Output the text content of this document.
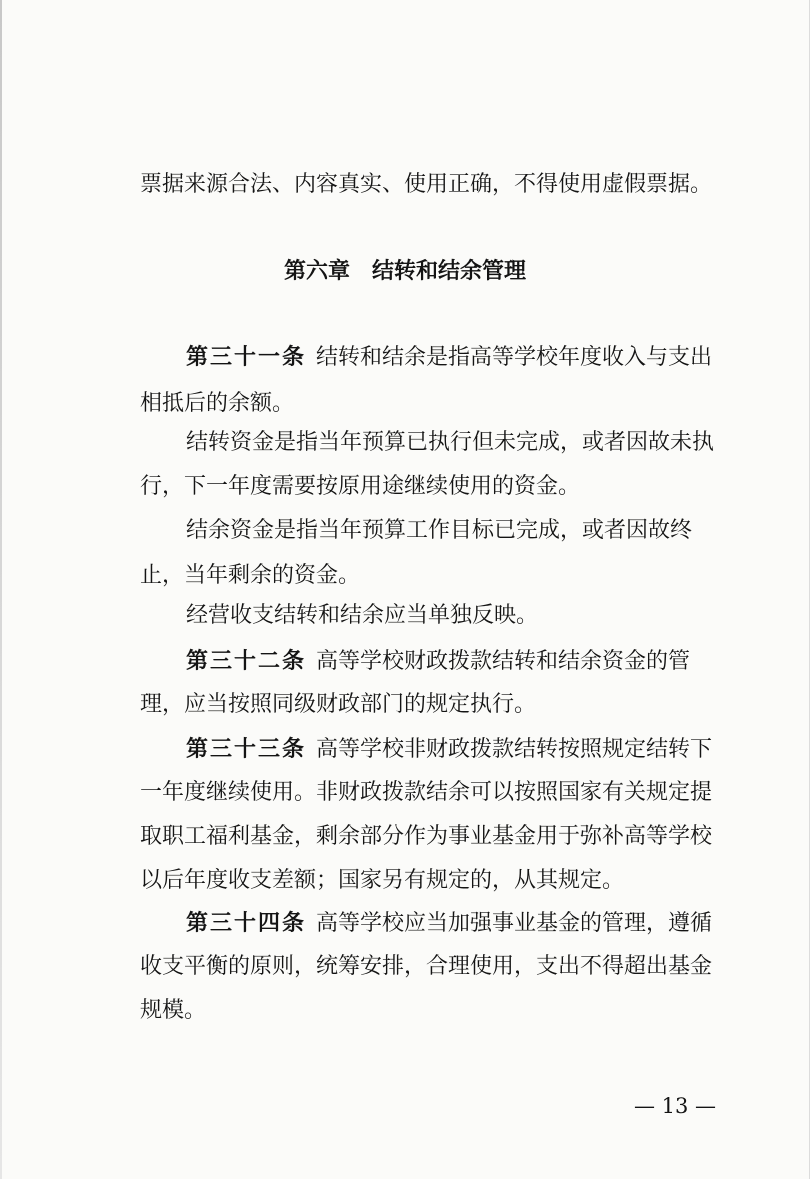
票据来源合法、内容真实、使用正确，不得使用虚假票据。
第六章 结转和结余管理
第三十一条 结转和结余是指高等学校年度收入与支出
相抵后的余额。
结转资金是指当年预算已执行但未完成，或者因故未执
行，下一年度需要按原用途继续使用的资金。
结余资金是指当年预算工作目标已完成，或者因故终
止，当年剩余的资金。
经营收支结转和结余应当单独反映。
第三十二条 高等学校财政拨款结转和结余资金的管
理，应当按照同级财政部门的规定执行。
第三十三条 高等学校非财政拨款结转按照规定结转下
一年度继续使用。非财政拨款结余可以按照国家有关规定提
取职工福利基金，剩余部分作为事业基金用于弥补高等学校
以后年度收支差额；国家另有规定的，从其规定。
第三十四条 高等学校应当加强事业基金的管理，遵循
收支平衡的原则，统筹安排，合理使用，支出不得超出基金
规模。
— 13 —
